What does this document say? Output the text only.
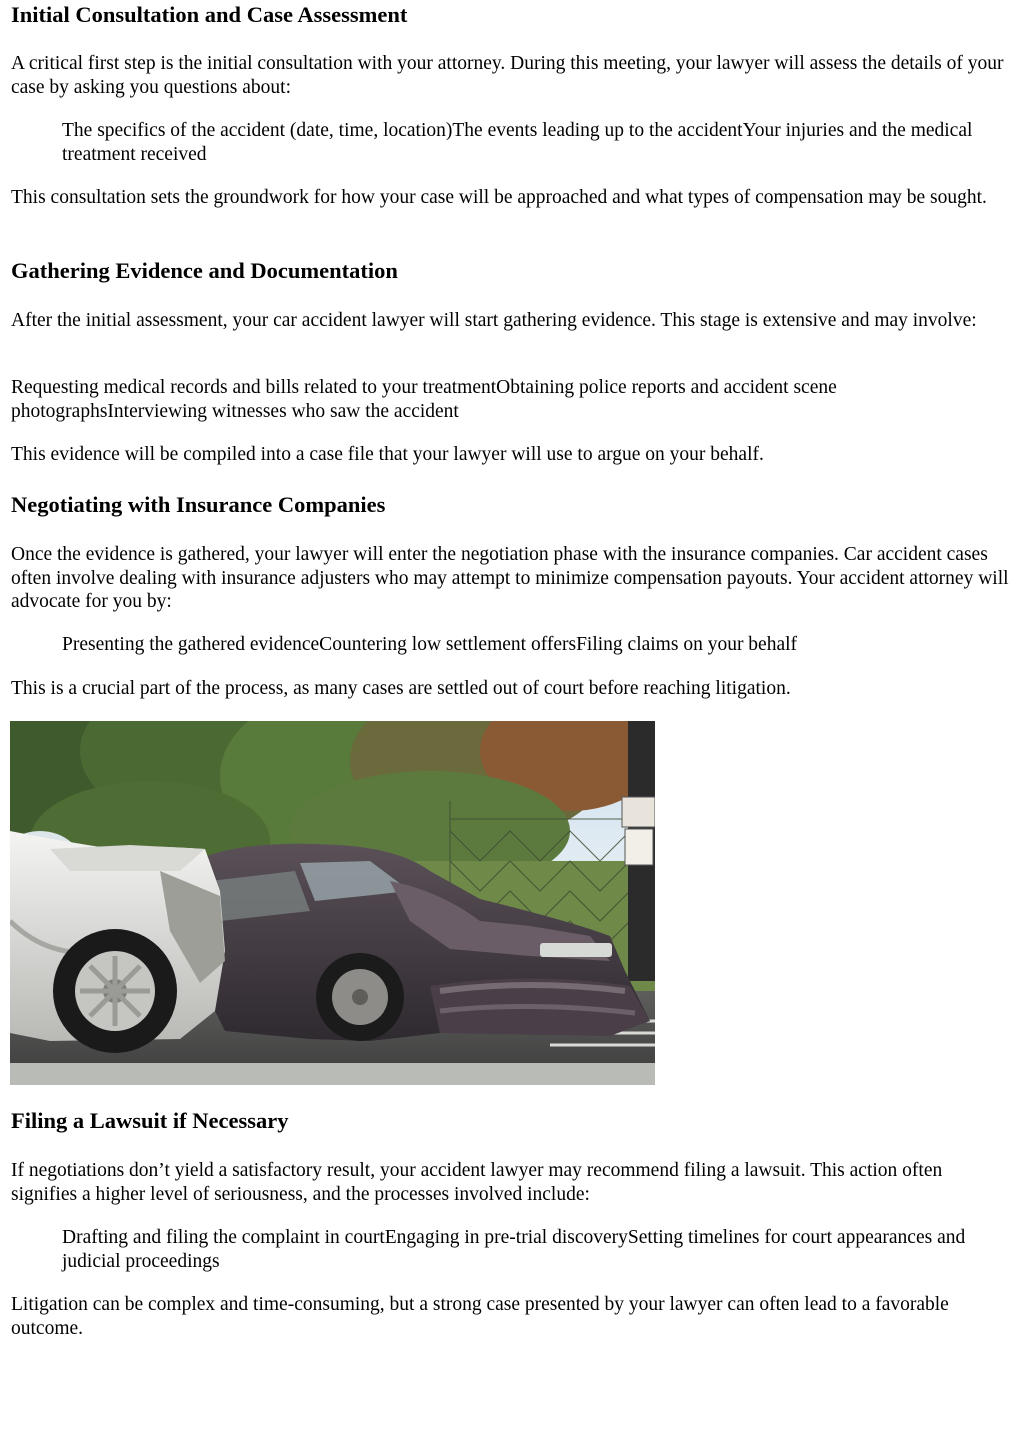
Initial Consultation and Case Assessment

A critical first step is the initial consultation with your attorney. During this meeting, your lawyer will assess the details of your case by asking you questions about:

The specifics of the accident (date, time, location)The events leading up to the accidentYour injuries and the medical treatment received

This consultation sets the groundwork for how your case will be approached and what types of compensation may be sought.

Gathering Evidence and Documentation

After the initial assessment, your car accident lawyer will start gathering evidence. This stage is extensive and may involve:

Requesting medical records and bills related to your treatmentObtaining police reports and accident scene photographsInterviewing witnesses who saw the accident

This evidence will be compiled into a case file that your lawyer will use to argue on your behalf.

Negotiating with Insurance Companies

Once the evidence is gathered, your lawyer will enter the negotiation phase with the insurance companies. Car accident cases often involve dealing with insurance adjusters who may attempt to minimize compensation payouts. Your accident attorney will advocate for you by:

Presenting the gathered evidenceCountering low settlement offersFiling claims on your behalf

This is a crucial part of the process, as many cases are settled out of court before reaching litigation.

Filing a Lawsuit if Necessary

If negotiations don’t yield a satisfactory result, your accident lawyer may recommend filing a lawsuit. This action often signifies a higher level of seriousness, and the processes involved include:

Drafting and filing the complaint in courtEngaging in pre-trial discoverySetting timelines for court appearances and judicial proceedings

Litigation can be complex and time-consuming, but a strong case presented by your lawyer can often lead to a favorable outcome.
